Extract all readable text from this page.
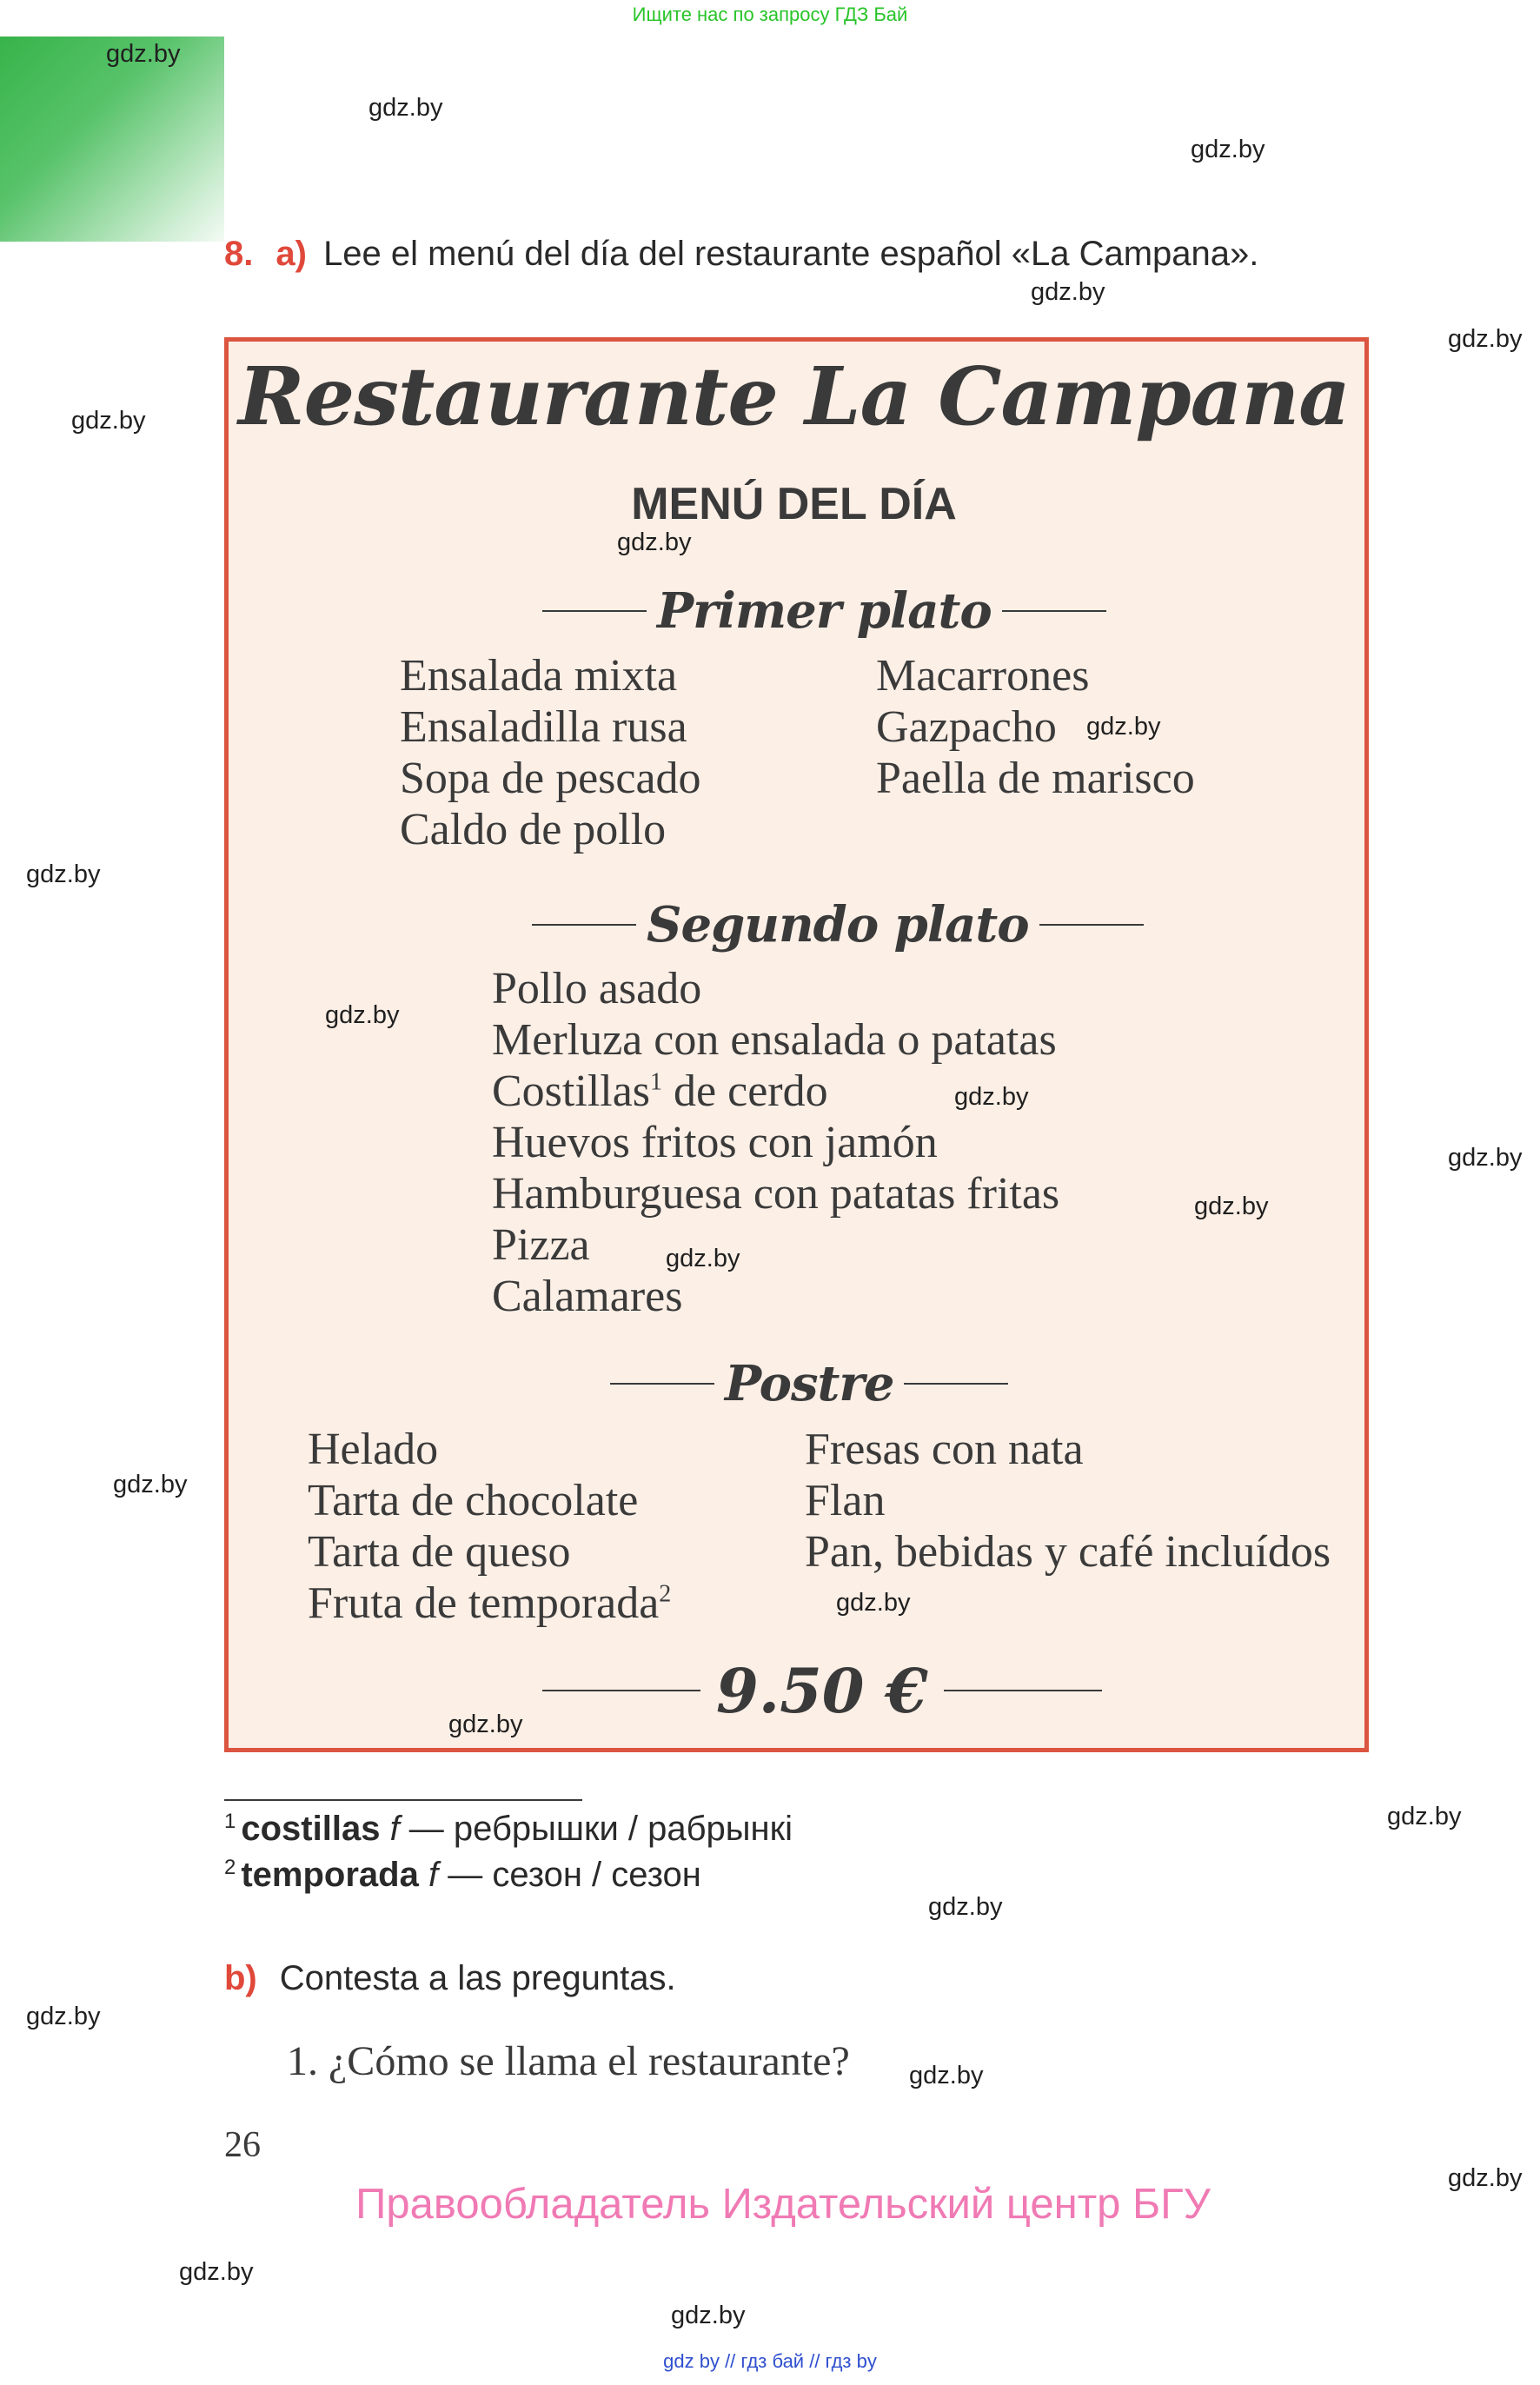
Ищите нас по запросу ГДЗ Бай
8. a) Lee el menú del día del restaurante español «La Campana».
Restaurante La Campana
MENÚ DEL DÍA
Primer plato
Ensalada mixta
Ensaladilla rusa
Sopa de pescado
Caldo de pollo
Macarrones
Gazpacho
Paella de marisco
Segundo plato
Pollo asado
Merluza con ensalada o patatas
Costillas$^1$ de cerdo
Huevos fritos con jamón
Hamburguesa con patatas fritas
Pizza
Calamares
Postre
Helado
Tarta de chocolate
Tarta de queso
Fruta de temporada$^2$
Fresas con nata
Flan
Pan, bebidas y café incluídos
9.50 €
$^1$ costillas f — ребрышки / рабрынкі
$^2$ temporada f — сезон / сезон
b) Contesta a las preguntas.
1. ¿Cómo se llama el restaurante?
26
Правообладатель Издательский центр БГУ
gdz by // гдз бай // гдз by
gdz.by
gdz.by
gdz.by
gdz.by
gdz.by
gdz.by
gdz.by
gdz.by
gdz.by
gdz.by
gdz.by
gdz.by
gdz.by
gdz.by
gdz.by
gdz.by
gdz.by
gdz.by
gdz.by
gdz.by
gdz.by
gdz.by
gdz.by
gdz.by
